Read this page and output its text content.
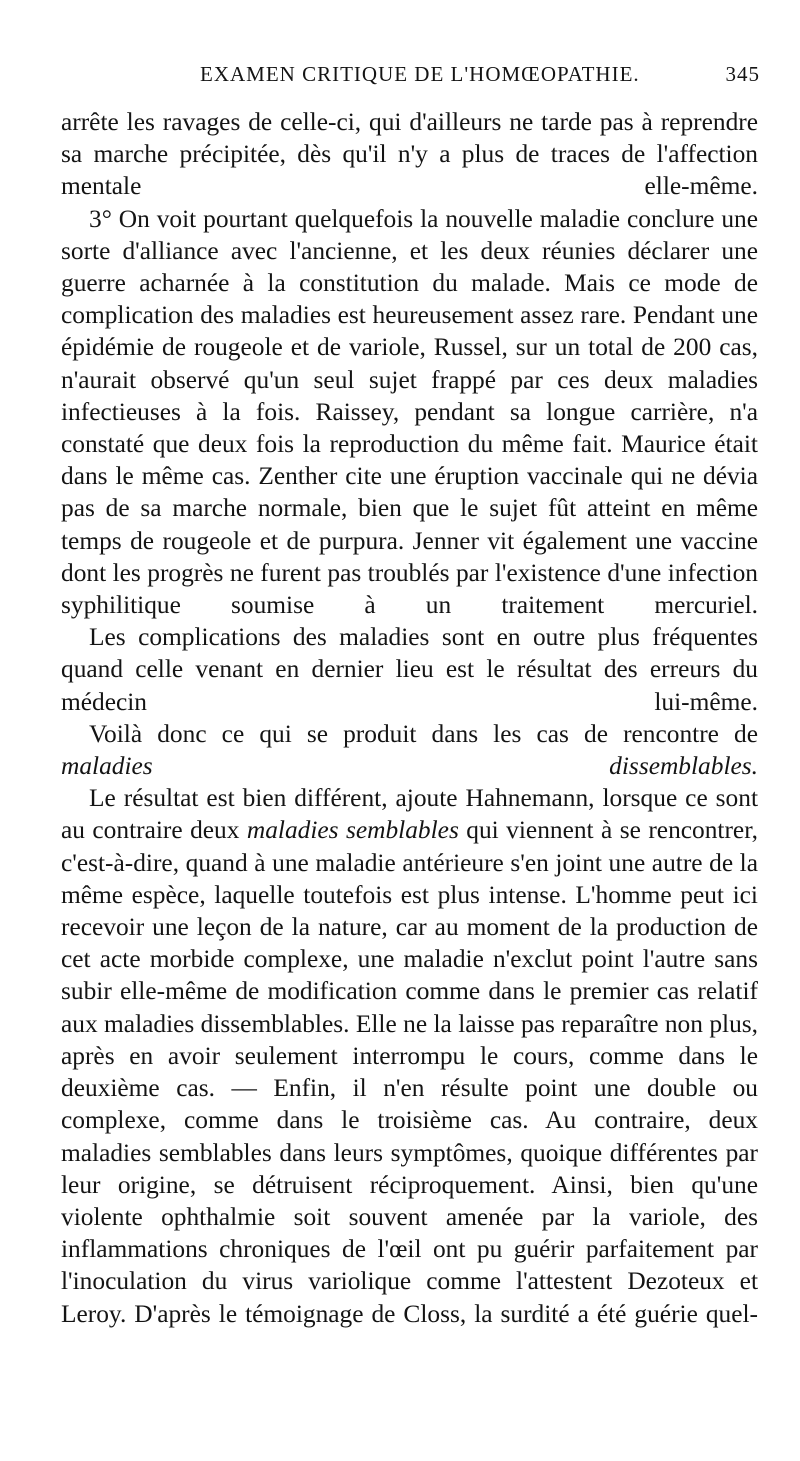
EXAMEN CRITIQUE DE L'HOMŒOPATHIE.	345

arrête les ravages de celle-ci, qui d'ailleurs ne tarde pas à reprendre sa marche précipitée, dès qu'il n'y a plus de traces de l'affection mentale elle-même.

3° On voit pourtant quelquefois la nouvelle maladie conclure une sorte d'alliance avec l'ancienne, et les deux réunies déclarer une guerre acharnée à la constitution du malade. Mais ce mode de complication des maladies est heureusement assez rare. Pendant une épidémie de rougeole et de variole, Russel, sur un total de 200 cas, n'aurait observé qu'un seul sujet frappé par ces deux maladies infectieuses à la fois. Raissey, pendant sa longue carrière, n'a constaté que deux fois la reproduction du même fait. Maurice était dans le même cas. Zenther cite une éruption vaccinale qui ne dévia pas de sa marche normale, bien que le sujet fût atteint en même temps de rougeole et de purpura. Jenner vit également une vaccine dont les progrès ne furent pas troublés par l'existence d'une infection syphilitique soumise à un traitement mercuriel.

Les complications des maladies sont en outre plus fréquentes quand celle venant en dernier lieu est le résultat des erreurs du médecin lui-même.

Voilà donc ce qui se produit dans les cas de rencontre de maladies dissemblables.

Le résultat est bien différent, ajoute Hahnemann, lorsque ce sont au contraire deux maladies semblables qui viennent à se rencontrer, c'est-à-dire, quand à une maladie antérieure s'en joint une autre de la même espèce, laquelle toutefois est plus intense. L'homme peut ici recevoir une leçon de la nature, car au moment de la production de cet acte morbide complexe, une maladie n'exclut point l'autre sans subir elle-même de modification comme dans le premier cas relatif aux maladies dissemblables. Elle ne la laisse pas reparaître non plus, après en avoir seulement interrompu le cours, comme dans le deuxième cas. — Enfin, il n'en résulte point une double ou complexe, comme dans le troisième cas. Au contraire, deux maladies semblables dans leurs symptômes, quoique différentes par leur origine, se détruisent réciproquement. Ainsi, bien qu'une violente ophthalmie soit souvent amenée par la variole, des inflammations chroniques de l'œil ont pu guérir parfaitement par l'inoculation du virus variolique comme l'attestent Dezoteux et Leroy. D'après le témoignage de Closs, la surdité a été guérie quel-
